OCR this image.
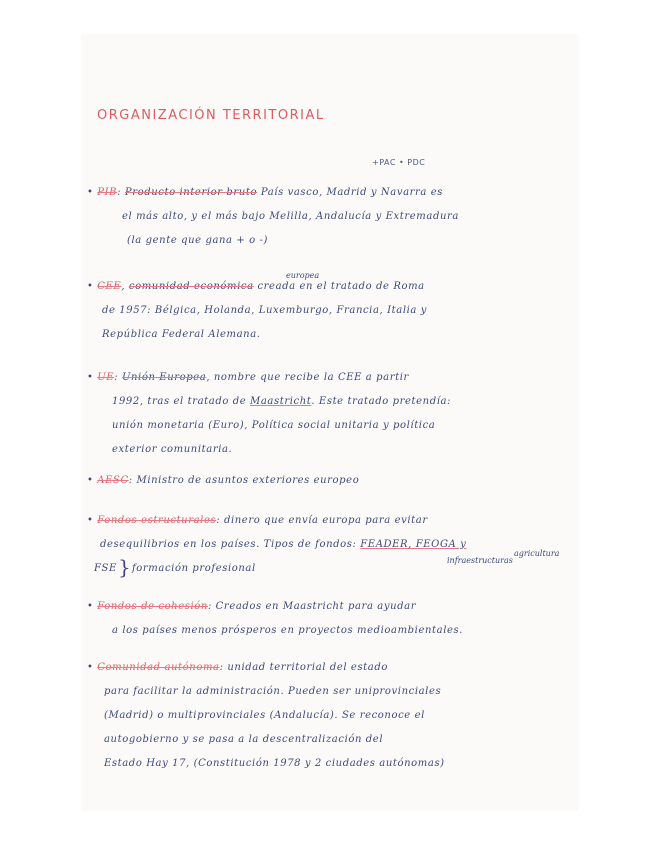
ORGANIZACIÓN TERRITORIAL
+PAC • PDC

• PIB: Producto interior bruto País vasco, Madrid y Navarra es

el más alto, y el más bajo Melilla, Andalucía y Extremadura

(la gente que gana + o -)

europea

• CEE, comunidad económica creada en el tratado de Roma

de 1957: Bélgica, Holanda, Luxemburgo, Francia, Italia y

República Federal Alemana.

• UE: Unión Europea, nombre que recibe la CEE a partir

1992, tras el tratado de Maastricht. Este tratado pretendía:

unión monetaria (Euro), Política social unitaria y política

exterior comunitaria.

• AESC: Ministro de asuntos exteriores europeo

• Fondos estructurales: dinero que envía europa para evitar

desequilibrios en los países. Tipos de fondos: FEADER, FEOGA y

infraestructuras
agricultura
FSE } formación profesional

• Fondos de cohesión: Creados en Maastricht para ayudar

a los países menos prósperos en proyectos medioambientales.

• Comunidad autónoma: unidad territorial del estado

para facilitar la administración. Pueden ser uniprovinciales

(Madrid) o multiprovinciales (Andalucía). Se reconoce el

autogobierno y se pasa a la descentralización del

Estado Hay 17, (Constitución 1978 y 2 ciudades autónomas)
